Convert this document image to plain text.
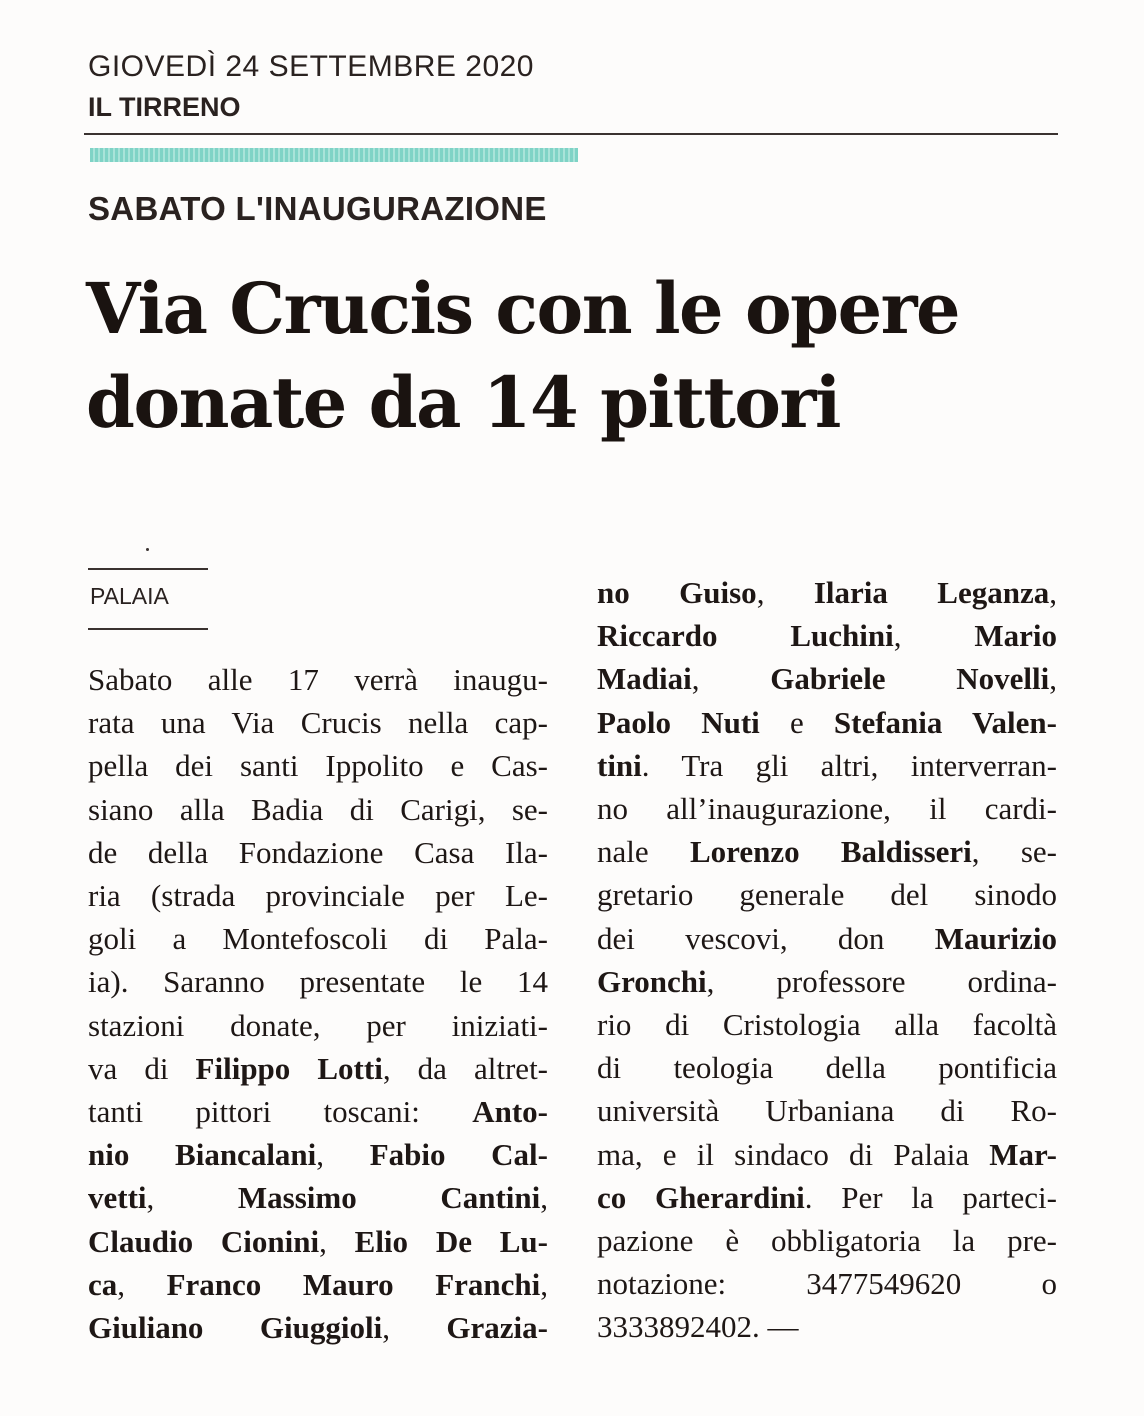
GIOVEDÌ 24 SETTEMBRE 2020
IL TIRRENO
SABATO L'INAUGURAZIONE
Via Crucis con le opere
donate da 14 pittori
PALAIA
Sabato alle 17 verrà inaugu-
rata una Via Crucis nella cap-
pella dei santi Ippolito e Cas-
siano alla Badia di Carigi, se-
de della Fondazione Casa Ila-
ria (strada provinciale per Le-
goli a Montefoscoli di Pala-
ia). Saranno presentate le 14
stazioni donate, per iniziati-
va di Filippo Lotti, da altret-
tanti pittori toscani: Anto-
nio Biancalani, Fabio Cal-
vetti, Massimo Cantini,
Claudio Cionini, Elio De Lu-
ca, Franco Mauro Franchi,
Giuliano Giuggioli, Grazia-
no Guiso, Ilaria Leganza,
Riccardo Luchini, Mario
Madiai, Gabriele Novelli,
Paolo Nuti e Stefania Valen-
tini. Tra gli altri, interverran-
no all’inaugurazione, il cardi-
nale Lorenzo Baldisseri, se-
gretario generale del sinodo
dei vescovi, don Maurizio
Gronchi, professore ordina-
rio di Cristologia alla facoltà
di teologia della pontificia
università Urbaniana di Ro-
ma, e il sindaco di Palaia Mar-
co Gherardini. Per la parteci-
pazione è obbligatoria la pre-
notazione: 3477549620 o
3333892402. —
